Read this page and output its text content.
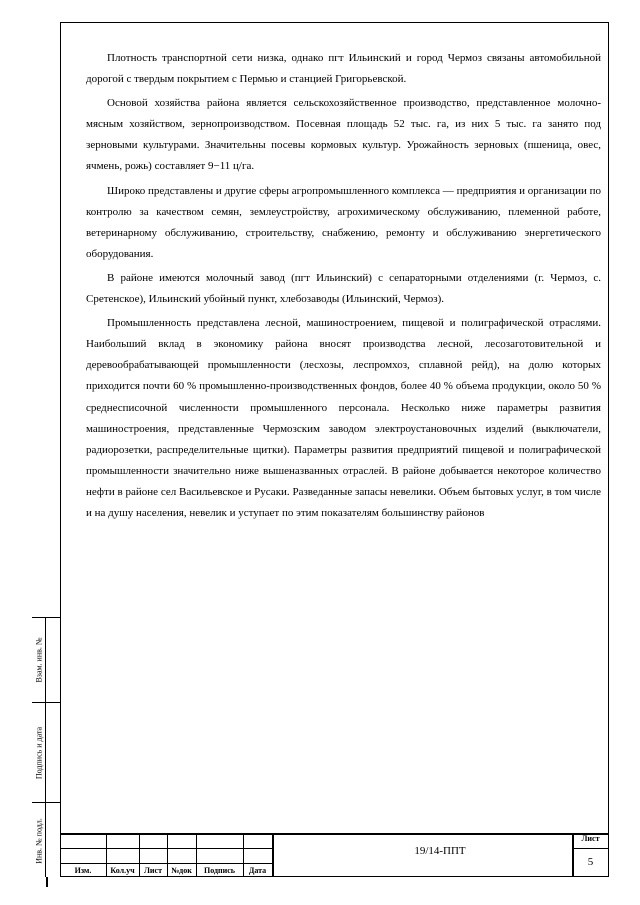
Плотность транспортной сети низка, однако пгт Ильинский и город Чермоз связаны автомобильной дорогой с твердым покрытием с Пермью и станцией Григорьевской.

Основой хозяйства района является сельскохозяйственное производство, представленное молочно-мясным хозяйством, зернопроизводством. Посевная площадь 52 тыс. га, из них 5 тыс. га занято под зерновыми культурами. Значительны посевы кормовых культур. Урожайность зерновых (пшеница, овес, ячмень, рожь) составляет 9−11 ц/га.

Широко представлены и другие сферы агропромышленного комплекса — предприятия и организации по контролю за качеством семян, землеустройству, агрохимическому обслуживанию, племенной работе, ветеринарному обслуживанию, строительству, снабжению, ремонту и обслуживанию энергетического оборудования.

В районе имеются молочный завод (пгт Ильинский) с сепараторными отделениями (г. Чермоз, с. Сретенское), Ильинский убойный пункт, хлебозаводы (Ильинский, Чермоз).

Промышленность представлена лесной, машиностроением, пищевой и полиграфической отраслями. Наибольший вклад в экономику района вносят производства лесной, лесозаготовительной и деревообрабатывающей промышленности (лесхозы, леспромхоз, сплавной рейд), на долю которых приходится почти 60 % промышленно-производственных фондов, более 40 % объема продукции, около 50 % среднесписочной численности промышленного персонала. Несколько ниже параметры развития машиностроения, представленные Чермозским заводом электроустановочных изделий (выключатели, радиорозетки, распределительные щитки). Параметры развития предприятий пищевой и полиграфической промышленности значительно ниже вышеназванных отраслей. В районе добывается некоторое количество нефти в районе сел Васильевское и Русаки. Разведанные запасы невелики. Объем бытовых услуг, в том числе и на душу населения, невелик и уступает по этим показателям большинству районов

Взам. инв. №
Подпись и дата
Инв. № подл.
Изм.	Кол.уч	Лист	№док	Подпись	Дата
19/14-ППТ
Лист
5
